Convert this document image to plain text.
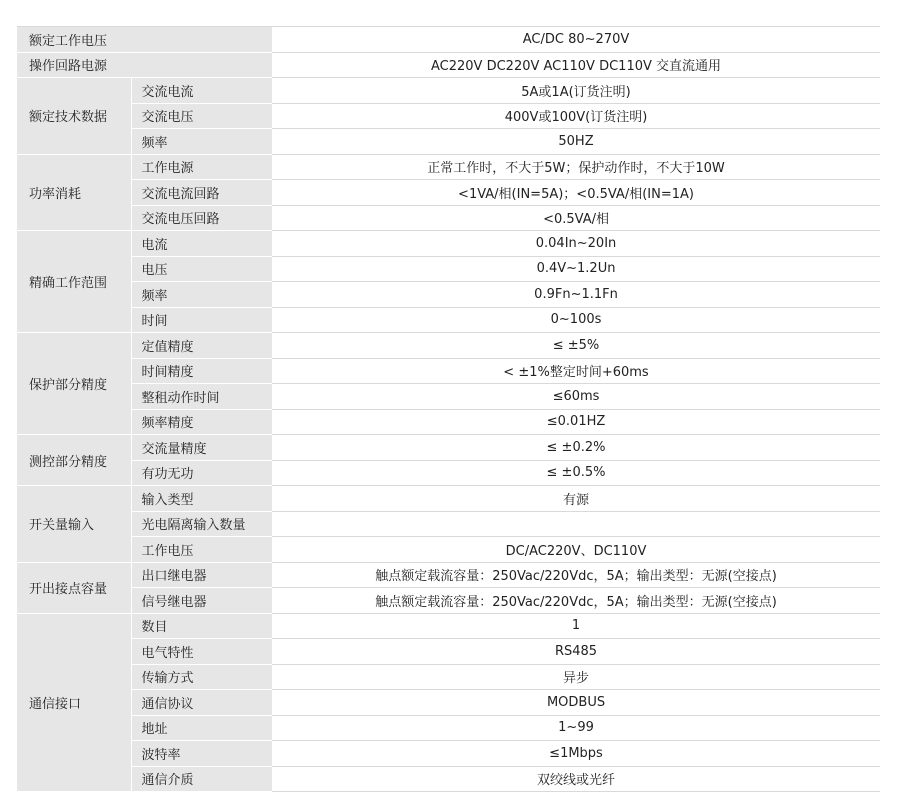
额定工作电压		AC/DC 80~270V
操作回路电源		AC220V DC220V AC110V DC110V 交直流通用
额定技术数据	交流电流	5A或1A(订货注明)
	交流电压	400V或100V(订货注明)
	频率	50HZ
功率消耗	工作电源	正常工作时，不大于5W；保护动作时，不大于10W
	交流电流回路	<1VA/相(IN=5A)；<0.5VA/相(IN=1A)
	交流电压回路	<0.5VA/相
精确工作范围	电流	0.04In~20In
	电压	0.4V~1.2Un
	频率	0.9Fn~1.1Fn
	时间	0~100s
保护部分精度	定值精度	≤ ±5%
	时间精度	< ±1%整定时间+60ms
	整租动作时间	≤60ms
	频率精度	≤0.01HZ
测控部分精度	交流量精度	≤ ±0.2%
	有功无功	≤ ±0.5%
开关量输入	输入类型	有源
	光电隔离输入数量	
	工作电压	DC/AC220V、DC110V
开出接点容量	出口继电器	触点额定载流容量：250Vac/220Vdc，5A；输出类型：无源(空接点)
	信号继电器	触点额定载流容量：250Vac/220Vdc，5A；输出类型：无源(空接点)
通信接口	数目	1
	电气特性	RS485
	传输方式	异步
	通信协议	MODBUS
	地址	1~99
	波特率	≤1Mbps
	通信介质	双绞线或光纤
